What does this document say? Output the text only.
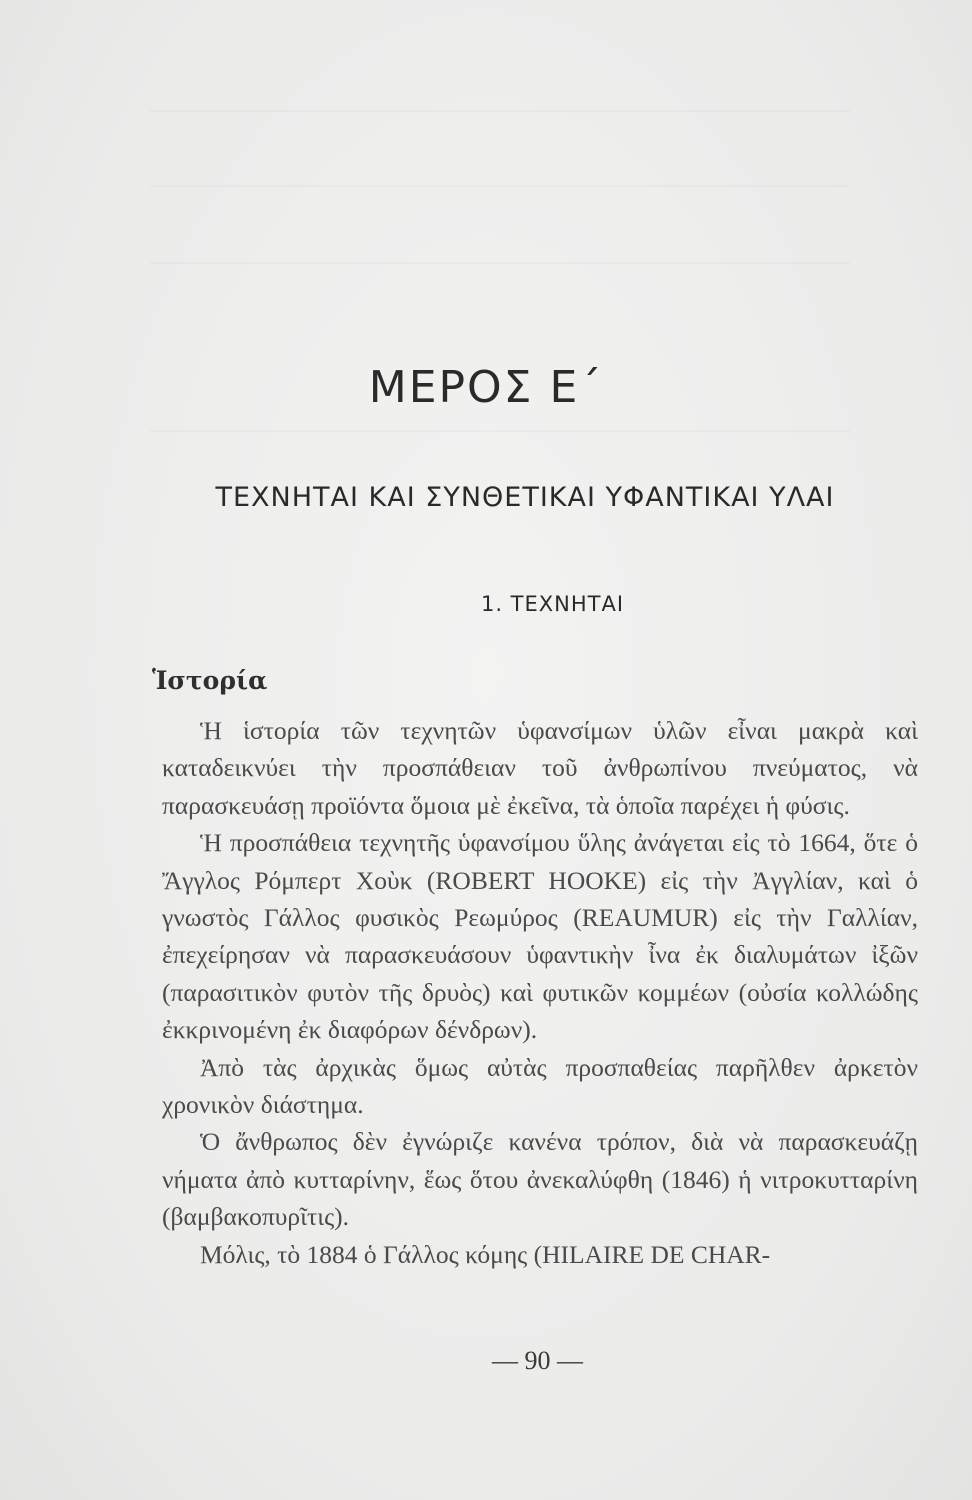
ΜΕΡΟΣ Ε΄
ΤΕΧΝΗΤΑΙ ΚΑΙ ΣΥΝΘΕΤΙΚΑΙ ΥΦΑΝΤΙΚΑΙ ΥΛΑΙ
1. ΤΕΧΝΗΤΑΙ
Ἱστορία

Ἡ ἱστορία τῶν τεχνητῶν ὑφανσίμων ὑλῶν εἶναι μακρὰ καὶ καταδεικνύει τὴν προσπάθειαν τοῦ ἀνθρωπίνου πνεύματος, νὰ παρασκευάσῃ προϊόντα ὅμοια μὲ ἐκεῖνα, τὰ ὁποῖα παρέχει ἡ φύσις.

Ἡ προσπάθεια τεχνητῆς ὑφανσίμου ὕλης ἀνάγεται εἰς τὸ 1664, ὅτε ὁ Ἄγγλος Ρόμπερτ Χοὺκ (ROBERT HOOKE) εἰς τὴν Ἀγγλίαν, καὶ ὁ γνωστὸς Γάλλος φυσικὸς Ρεωμύρος (REAUMUR) εἰς τὴν Γαλλίαν, ἐπεχείρησαν νὰ παρασκευάσουν ὑφαντικὴν ἶνα ἐκ διαλυμάτων ἰξῶν (παρασιτικὸν φυτὸν τῆς δρυὸς) καὶ φυτικῶν κομμέων (οὐσία κολλώδης ἐκκρινομένη ἐκ διαφόρων δένδρων).

Ἀπὸ τὰς ἀρχικὰς ὅμως αὐτὰς προσπαθείας παρῆλθεν ἀρκετὸν χρονικὸν διάστημα.

Ὁ ἄνθρωπος δὲν ἐγνώριζε κανένα τρόπον, διὰ νὰ παρασκευάζῃ νήματα ἀπὸ κυτταρίνην, ἕως ὅτου ἀνεκαλύφθη (1846) ἡ νιτροκυτταρίνη (βαμβακοπυρῖτις).

Μόλις, τὸ 1884 ὁ Γάλλος κόμης (HILAIRE DE CHAR-

— 90 —
